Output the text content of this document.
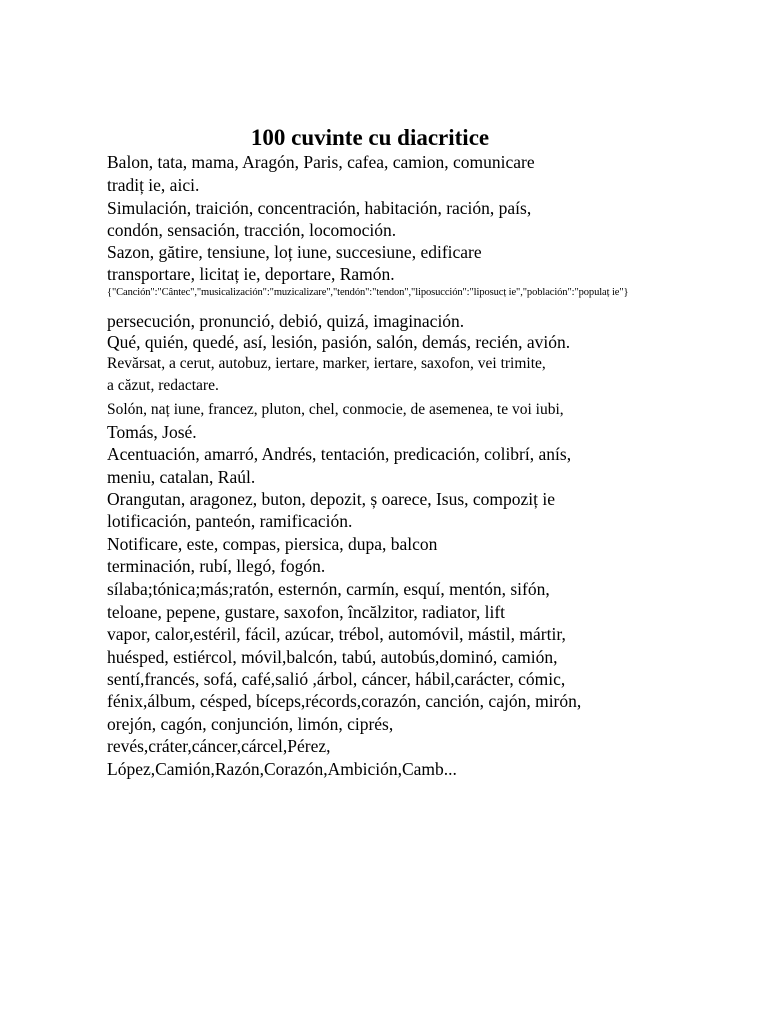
100 cuvinte cu diacritice
Balon, tata, mama, Aragón, Paris, cafea, camion, comunicare
tradiț ie, aici.
Simulación, traición, concentración, habitación, ración, país,
condón, sensación, tracción, locomoción.
Sazon, gătire, tensiune, loț iune, succesiune, edificare
transportare, licitaț ie, deportare, Ramón.
{"Canción":"Cântec","musicalización":"muzicalizare","tendón":"tendon","liposucción":"liposucț ie","población":"populaț ie"}
persecución, pronunció, debió, quizá, imaginación.
Qué, quién, quedé, así, lesión, pasión, salón, demás, recién, avión.
Revărsat, a cerut, autobuz, iertare, marker, iertare, saxofon, vei trimite,
a căzut, redactare.
Solón, naț iune, francez, pluton, chel, conmocie, de asemenea, te voi iubi,
Tomás, José.
Acentuación, amarró, Andrés, tentación, predicación, colibrí, anís,
meniu, catalan, Raúl.
Orangutan, aragonez, buton, depozit, ș oarece, Isus, compoziț ie
lotificación, panteón, ramificación.
Notificare, este, compas, piersica, dupa, balcon
terminación, rubí, llegó, fogón.
sílaba;tónica;más;ratón, esternón, carmín, esquí, mentón, sifón,
teloane, pepene, gustare, saxofon, încălzitor, radiator, lift
vapor, calor,estéril, fácil, azúcar, trébol, automóvil, mástil, mártir,
huésped, estiércol, móvil,balcón, tabú, autobús,dominó, camión,
sentí,francés, sofá, café,salió ,árbol, cáncer, hábil,carácter, cómic,
fénix,álbum, césped, bíceps,récords,corazón, canción, cajón, mirón,
orejón, cagón, conjunción, limón, ciprés,
revés,cráter,cáncer,cárcel,Pérez,
López,Camión,Razón,Corazón,Ambición,Camb...
